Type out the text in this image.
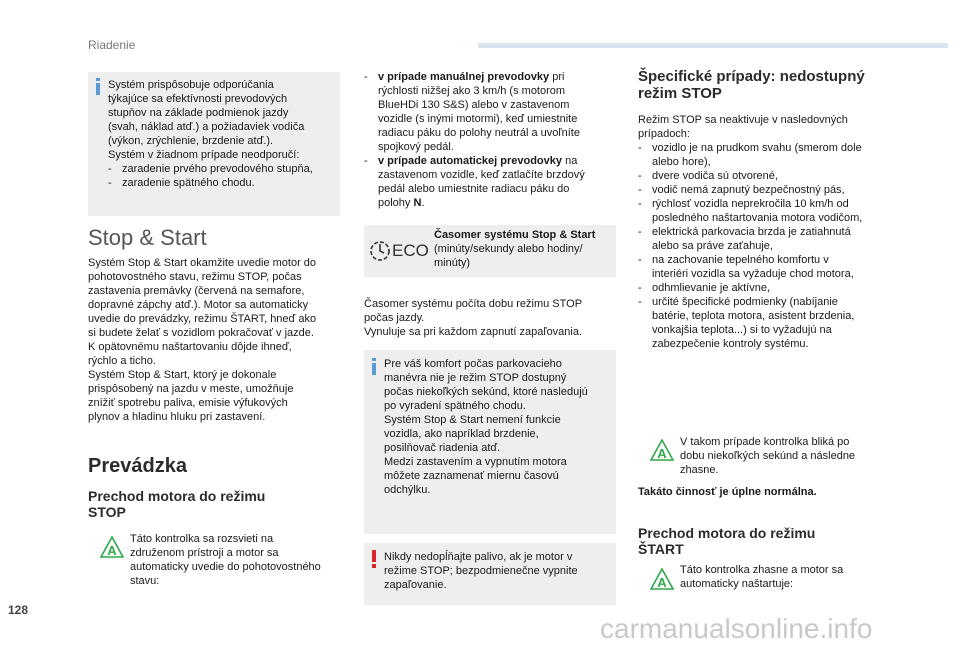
Riadenie
Systém prispôsobuje odporúčania
týkajúce sa efektívnosti prevodových
stupňov na základe podmienok jazdy
(svah, náklad atď.) a požiadaviek vodiča
(výkon, zrýchlenie, brzdenie atď.).
Systém v žiadnom prípade neodporučí:
- zaradenie prvého prevodového stupňa,
- zaradenie spätného chodu.
Stop & Start
Systém Stop & Start okamžite uvedie motor do
pohotovostného stavu, režimu STOP, počas
zastavenia premávky (červená na semafore,
dopravné zápchy atď.). Motor sa automaticky
uvedie do prevádzky, režimu ŠTART, hneď ako
si budete želať s vozidlom pokračovať v jazde.
K opätovnému naštartovaniu dôjde ihneď,
rýchlo a ticho.
Systém Stop & Start, ktorý je dokonale
prispôsobený na jazdu v meste, umožňuje
znížiť spotrebu paliva, emisie výfukových
plynov a hladinu hluku pri zastavení.
Prevádzka
Prechod motora do režimu
STOP
A
Táto kontrolka sa rozsvieti na
združenom prístroji a motor sa
automaticky uvedie do pohotovostného
stavu:
- v prípade manuálnej prevodovky pri
rýchlosti nižšej ako 3 km/h (s motorom
BlueHDi 130 S&S) alebo v zastavenom
vozidle (s inými motormi), keď umiestnite
radiacu páku do polohy neutrál a uvoľníte
spojkový pedál.
- v prípade automatickej prevodovky na
zastavenom vozidle, keď zatlačíte brzdový
pedál alebo umiestnite radiacu páku do
polohy N.
ECO
Časomer systému Stop & Start
(minúty/sekundy alebo hodiny/
minúty)
Časomer systému počíta dobu režimu STOP
počas jazdy.
Vynuluje sa pri každom zapnutí zapaľovania.
Pre váš komfort počas parkovacieho
manévra nie je režim STOP dostupný
počas niekoľkých sekúnd, ktoré nasledujú
po vyradení spätného chodu.
Systém Stop & Start nemení funkcie
vozidla, ako napríklad brzdenie,
posilňovač riadenia atď.
Medzi zastavením a vypnutím motora
môžete zaznamenať miernu časovú
odchýlku.
Nikdy nedopĺňajte palivo, ak je motor v
režime STOP; bezpodmienečne vypnite
zapaľovanie.
Špecifické prípady: nedostupný
režim STOP
Režim STOP sa neaktivuje v nasledovných
prípadoch:
- vozidlo je na prudkom svahu (smerom dole
alebo hore),
- dvere vodiča sú otvorené,
- vodič nemá zapnutý bezpečnostný pás,
- rýchlosť vozidla neprekročila 10 km/h od
posledného naštartovania motora vodičom,
- elektrická parkovacia brzda je zatiahnutá
alebo sa práve zaťahuje,
- na zachovanie tepelného komfortu v
interiéri vozidla sa vyžaduje chod motora,
- odhmlievanie je aktívne,
- určité špecifické podmienky (nabíjanie
batérie, teplota motora, asistent brzdenia,
vonkajšia teplota...) si to vyžadujú na
zabezpečenie kontroly systému.
A
V takom prípade kontrolka bliká po
dobu niekoľkých sekúnd a následne
zhasne.
Takáto činnosť je úplne normálna.
Prechod motora do režimu
ŠTART
A
Táto kontrolka zhasne a motor sa
automaticky naštartuje:
128
carmanualsonline.info
